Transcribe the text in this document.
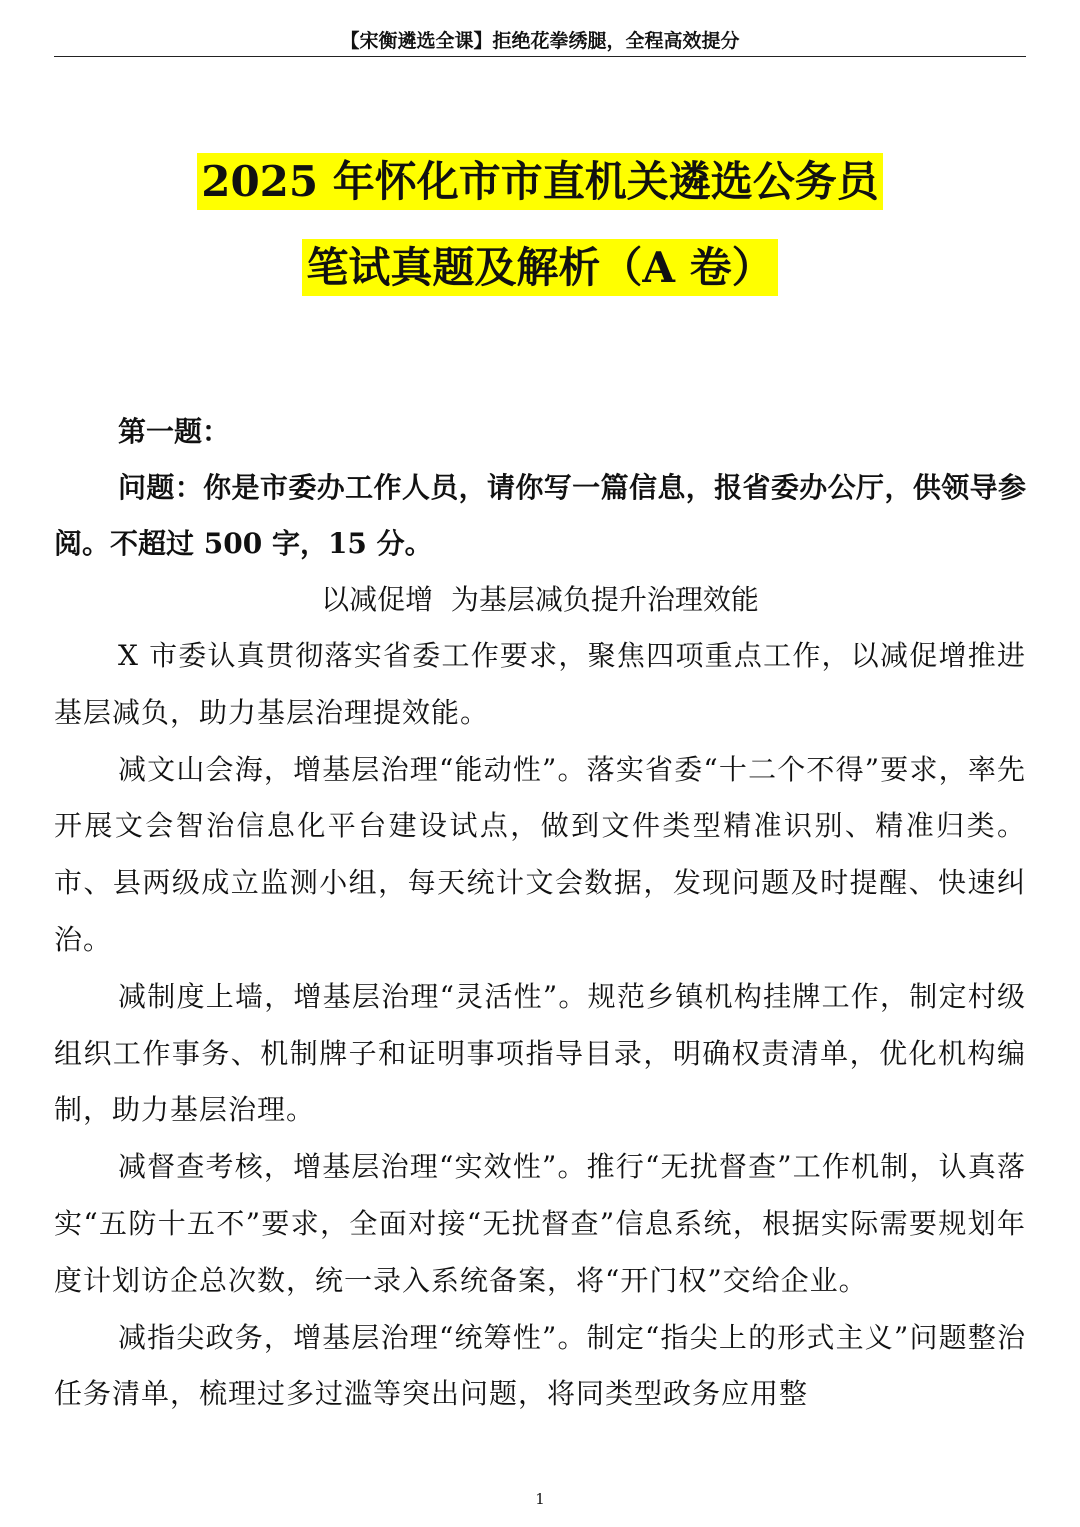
【宋衡遴选全课】拒绝花拳绣腿，全程高效提分
2025 年怀化市市直机关遴选公务员
笔试真题及解析（A 卷）
第一题：

问题：你是市委办工作人员，请你写一篇信息，报省委办公厅，供领导参阅。不超过 500 字，15 分。

以减促增  为基层减负提升治理效能

X 市委认真贯彻落实省委工作要求，聚焦四项重点工作，以减促增推进基层减负，助力基层治理提效能。

减文山会海，增基层治理“能动性”。落实省委“十二个不得”要求，率先开展文会智治信息化平台建设试点，做到文件类型精准识别、精准归类。市、县两级成立监测小组，每天统计文会数据，发现问题及时提醒、快速纠治。

减制度上墙，增基层治理“灵活性”。规范乡镇机构挂牌工作，制定村级组织工作事务、机制牌子和证明事项指导目录，明确权责清单，优化机构编制，助力基层治理。

减督查考核，增基层治理“实效性”。推行“无扰督查”工作机制，认真落实“五防十五不”要求，全面对接“无扰督查”信息系统，根据实际需要规划年度计划访企总次数，统一录入系统备案，将“开门权”交给企业。

减指尖政务，增基层治理“统筹性”。制定“指尖上的形式主义”问题整治任务清单，梳理过多过滥等突出问题，将同类型政务应用整

1
